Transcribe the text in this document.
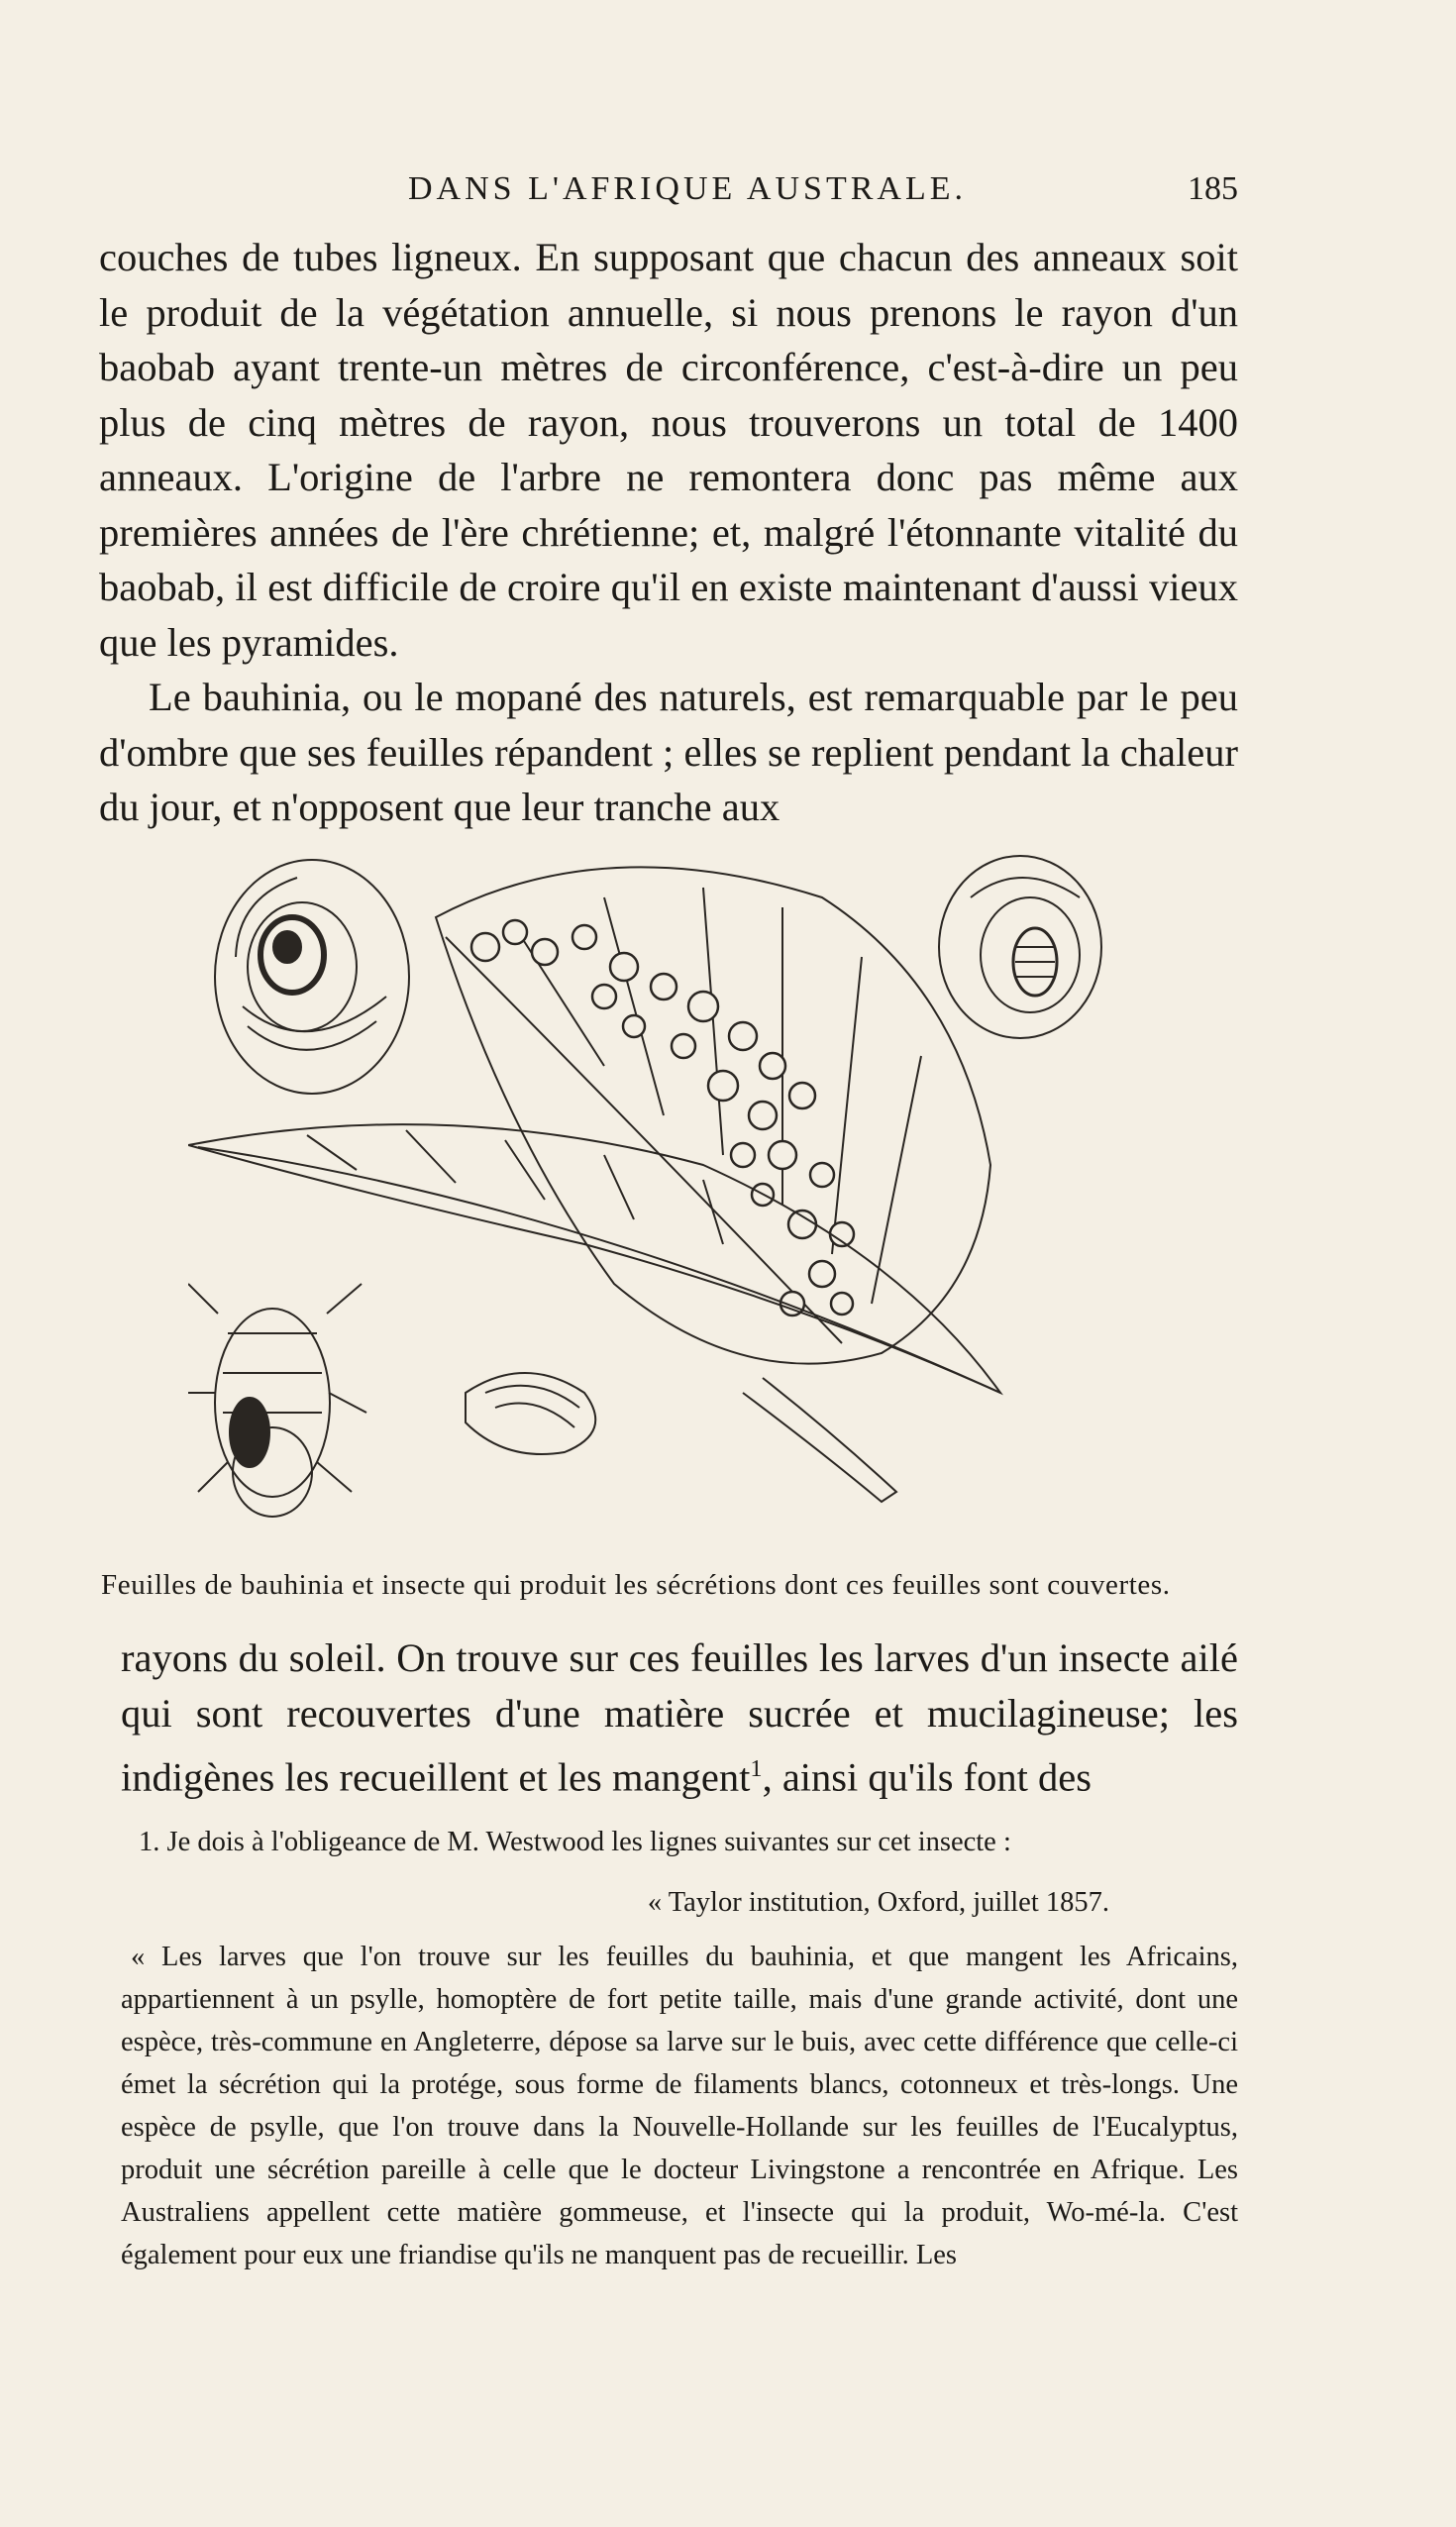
DANS L'AFRIQUE AUSTRALE.	185

couches de tubes ligneux. En supposant que chacun des anneaux soit le produit de la végétation annuelle, si nous prenons le rayon d'un baobab ayant trente-un mètres de circonférence, c'est-à-dire un peu plus de cinq mètres de rayon, nous trouverons un total de 1400 anneaux. L'origine de l'arbre ne remontera donc pas même aux premières années de l'ère chrétienne; et, malgré l'étonnante vitalité du baobab, il est difficile de croire qu'il en existe maintenant d'aussi vieux que les pyramides.

Le bauhinia, ou le mopané des naturels, est remarquable par le peu d'ombre que ses feuilles répandent ; elles se replient pendant la chaleur du jour, et n'opposent que leur tranche aux

Feuilles de bauhinia et insecte qui produit les sécrétions dont ces feuilles sont couvertes.

rayons du soleil. On trouve sur ces feuilles les larves d'un insecte ailé qui sont recouvertes d'une matière sucrée et mucilagineuse; les indigènes les recueillent et les mangent$^1$, ainsi qu'ils font des

1. Je dois à l'obligeance de M. Westwood les lignes suivantes sur cet insecte :

« Taylor institution, Oxford, juillet 1857.

« Les larves que l'on trouve sur les feuilles du bauhinia, et que mangent les Africains, appartiennent à un psylle, homoptère de fort petite taille, mais d'une grande activité, dont une espèce, très-commune en Angleterre, dépose sa larve sur le buis, avec cette différence que celle-ci émet la sécrétion qui la protége, sous forme de filaments blancs, cotonneux et très-longs. Une espèce de psylle, que l'on trouve dans la Nouvelle-Hollande sur les feuilles de l'Eucalyptus, produit une sécrétion pareille à celle que le docteur Livingstone a rencontrée en Afrique. Les Australiens appellent cette matière gommeuse, et l'insecte qui la produit, Wo-mé-la. C'est également pour eux une friandise qu'ils ne manquent pas de recueillir. Les
